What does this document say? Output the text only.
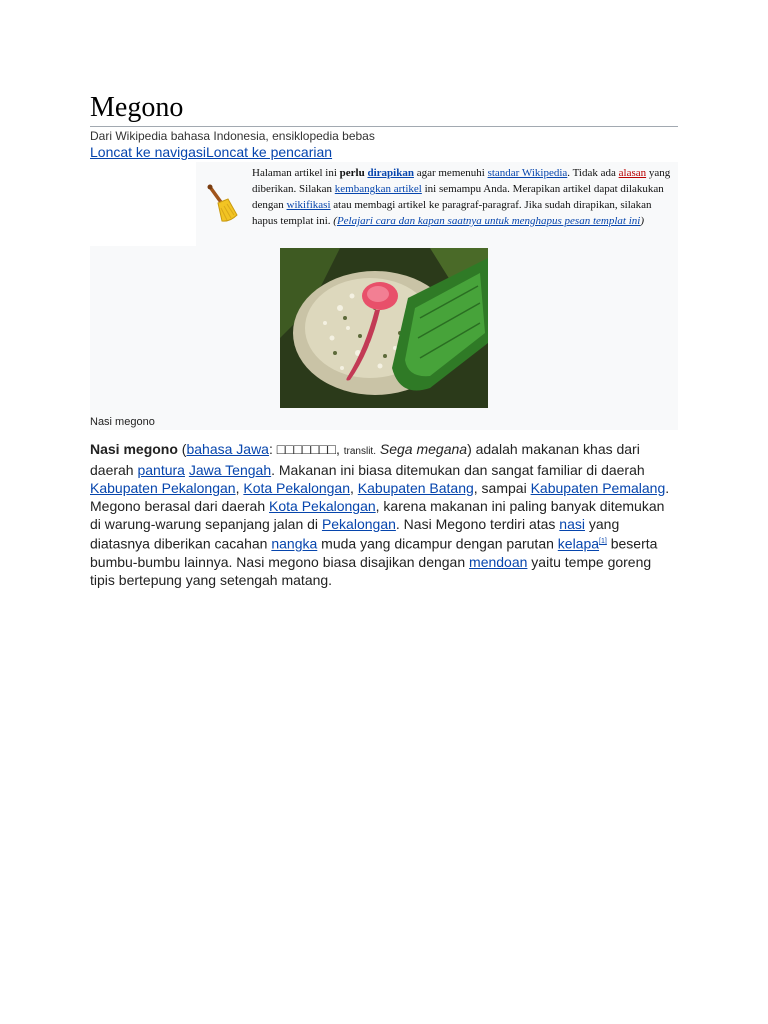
Megono
Dari Wikipedia bahasa Indonesia, ensiklopedia bebas
Loncat ke navigasiLoncat ke pencarian
Halaman artikel ini perlu dirapikan agar memenuhi standar Wikipedia. Tidak ada alasan yang diberikan. Silakan kembangkan artikel ini semampu Anda. Merapikan artikel dapat dilakukan dengan wikifikasi atau membagi artikel ke paragraf-paragraf. Jika sudah dirapikan, silakan hapus templat ini. (Pelajari cara dan kapan saatnya untuk menghapus pesan templat ini)
Nasi megono

Nasi megono (bahasa Jawa: □□□□□□□, translit. Sega megana) adalah makanan khas dari daerah pantura Jawa Tengah. Makanan ini biasa ditemukan dan sangat familiar di daerah Kabupaten Pekalongan, Kota Pekalongan, Kabupaten Batang, sampai Kabupaten Pemalang. Megono berasal dari daerah Kota Pekalongan, karena makanan ini paling banyak ditemukan di warung-warung sepanjang jalan di Pekalongan. Nasi Megono terdiri atas nasi yang diatasnya diberikan cacahan nangka muda yang dicampur dengan parutan kelapa[1] beserta bumbu-bumbu lainnya. Nasi megono biasa disajikan dengan mendoan yaitu tempe goreng tipis bertepung yang setengah matang.
